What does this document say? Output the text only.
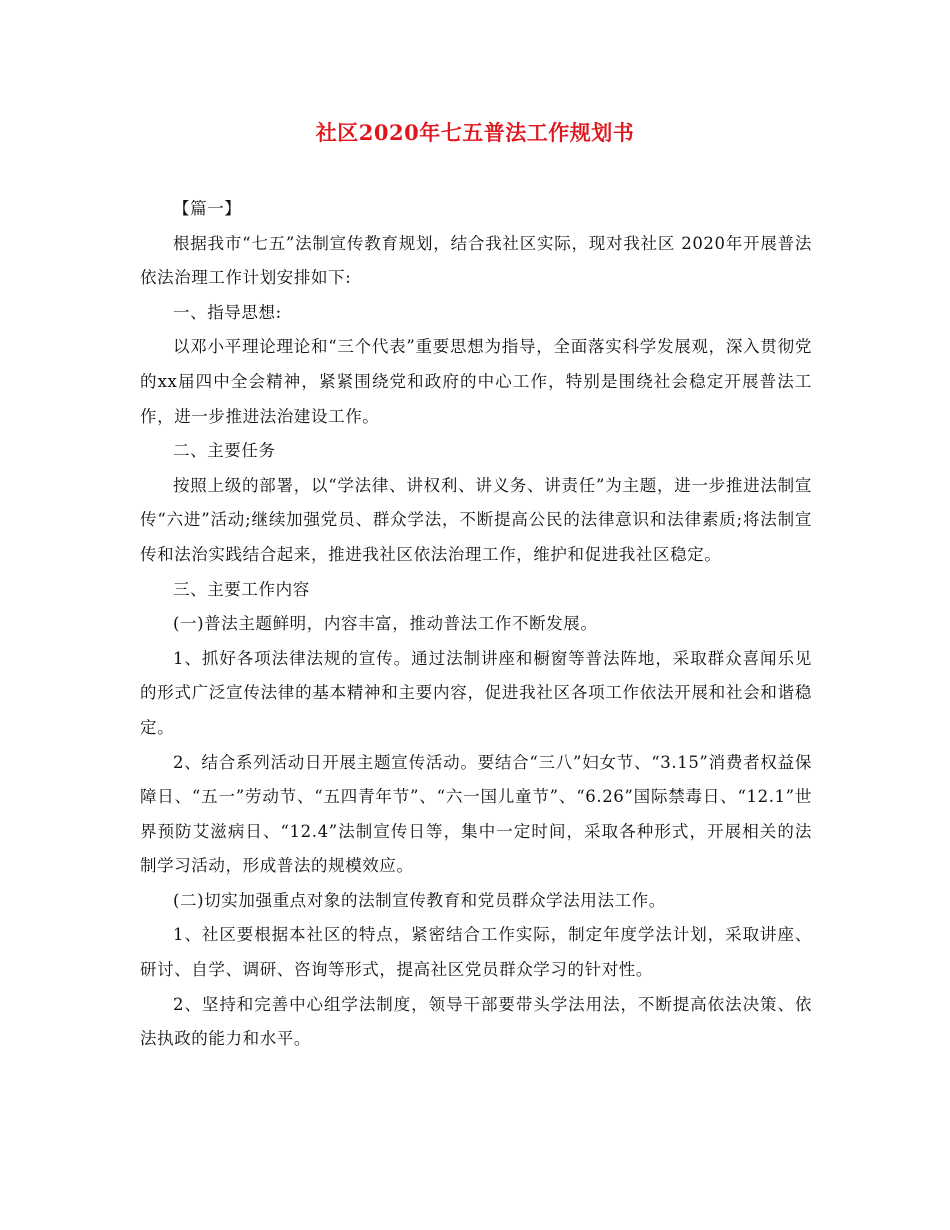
社区2020年七五普法工作规划书

【篇一】

根据我市“七五”法制宣传教育规划，结合我社区实际，现对我社区 2020年开展普法依法治理工作计划安排如下:

一、指导思想:

以邓小平理论理论和“三个代表”重要思想为指导，全面落实科学发展观，深入贯彻党的xx届四中全会精神，紧紧围绕党和政府的中心工作，特别是围绕社会稳定开展普法工作，进一步推进法治建设工作。

二、主要任务

按照上级的部署，以“学法律、讲权利、讲义务、讲责任”为主题，进一步推进法制宣传“六进”活动;继续加强党员、群众学法，不断提高公民的法律意识和法律素质;将法制宣传和法治实践结合起来，推进我社区依法治理工作，维护和促进我社区稳定。

三、主要工作内容

(一)普法主题鲜明，内容丰富，推动普法工作不断发展。

1、抓好各项法律法规的宣传。通过法制讲座和橱窗等普法阵地，采取群众喜闻乐见的形式广泛宣传法律的基本精神和主要内容，促进我社区各项工作依法开展和社会和谐稳定。

2、结合系列活动日开展主题宣传活动。要结合“三八”妇女节、“3.15”消费者权益保障日、“五一”劳动节、“五四青年节”、“六一国儿童节”、“6.26”国际禁毒日、“12.1”世界预防艾滋病日、“12.4”法制宣传日等，集中一定时间，采取各种形式，开展相关的法制学习活动，形成普法的规模效应。

(二)切实加强重点对象的法制宣传教育和党员群众学法用法工作。

1、社区要根据本社区的特点，紧密结合工作实际，制定年度学法计划，采取讲座、研讨、自学、调研、咨询等形式，提高社区党员群众学习的针对性。

2、坚持和完善中心组学法制度，领导干部要带头学法用法，不断提高依法决策、依法执政的能力和水平。
